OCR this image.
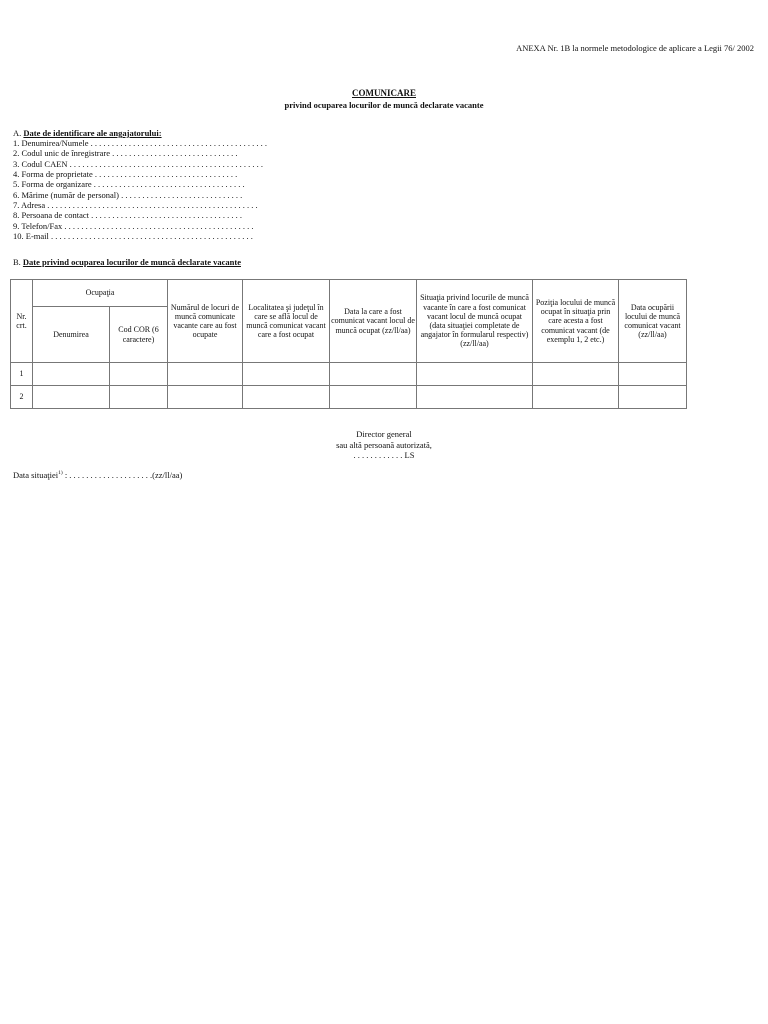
ANEXA Nr. 1B la normele metodologice de aplicare a Legii 76/ 2002
COMUNICARE
privind ocuparea locurilor de muncă declarate vacante

A. Date de identificare ale angajatorului:

1. Denumirea/Numele . . . . . . . . . . . . . . . . . . . . . . . . . . . . . . . . . . . . . . . . . .
2. Codul unic de înregistrare . . . . . . . . . . . . . . . . . . . . . . . . . . . . . .
3. Codul CAEN . . . . . . . . . . . . . . . . . . . . . . . . . . . . . . . . . . . . . . . . . . . . . .
4. Forma de proprietate . . . . . . . . . . . . . . . . . . . . . . . . . . . . . . . . . .
5. Forma de organizare . . . . . . . . . . . . . . . . . . . . . . . . . . . . . . . . . . . .
6. Mărime (număr de personal) . . . . . . . . . . . . . . . . . . . . . . . . . . . . .
7. Adresa . . . . . . . . . . . . . . . . . . . . . . . . . . . . . . . . . . . . . . . . . . . . . . . . . .
8. Persoana de contact . . . . . . . . . . . . . . . . . . . . . . . . . . . . . . . . . . . .
9. Telefon/Fax . . . . . . . . . . . . . . . . . . . . . . . . . . . . . . . . . . . . . . . . . . . . .
10. E-mail . . . . . . . . . . . . . . . . . . . . . . . . . . . . . . . . . . . . . . . . . . . . . . . .

B. Date privind ocuparea locurilor de muncă declarate vacante

Nr. crt.	Ocupaţia		Numărul de locuri de muncă comunicate vacante care au fost ocupate	Localitatea şi judeţul în care se află locul de muncă comunicat vacant care a fost ocupat	Data la care a fost comunicat vacant locul de muncă ocupat (zz/ll/aa)	Situaţia privind locurile de muncă vacante în care a fost comunicat vacant locul de muncă ocupat (data situaţiei completate de angajator în formularul respectiv) (zz/ll/aa)	Poziţia locului de muncă ocupat în situaţia prin care acesta a fost comunicat vacant (de exemplu 1, 2 etc.)	Data ocupării locului de muncă comunicat vacant (zz/ll/aa)
	Denumirea	Cod COR (6 caractere)						
1								
2								
Director general
sau altă persoană autorizată,
. . . . . . . . . . . . LS
Data situaţiei$^{1)}$ : . . . . . . . . . . . . . . . . . . . .(zz/ll/aa)
